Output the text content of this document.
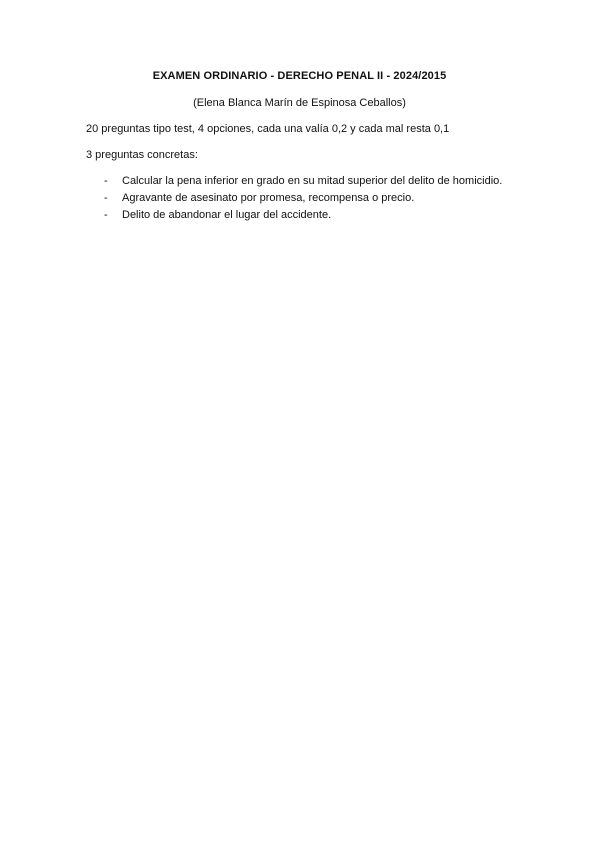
EXAMEN ORDINARIO - DERECHO PENAL II - 2024/2015
(Elena Blanca Marín de Espinosa Ceballos)
20 preguntas tipo test, 4 opciones, cada una valía 0,2 y cada mal resta 0,1
3 preguntas concretas:
- Calcular la pena inferior en grado en su mitad superior del delito de homicidio.
- Agravante de asesinato por promesa, recompensa o precio.
- Delito de abandonar el lugar del accidente.
